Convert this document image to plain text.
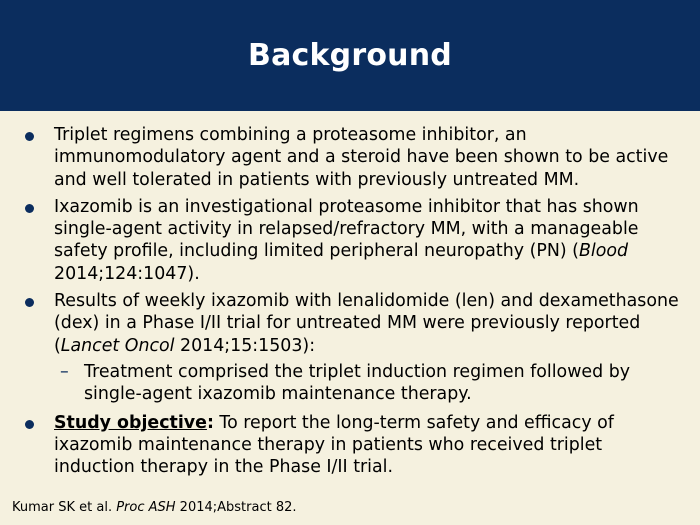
Background
Triplet regimens combining a proteasome inhibitor, an immunomodulatory agent and a steroid have been shown to be active and well tolerated in patients with previously untreated MM.
Ixazomib is an investigational proteasome inhibitor that has shown single-agent activity in relapsed/refractory MM, with a manageable safety profile, including limited peripheral neuropathy (PN) (Blood 2014;124:1047).
Results of weekly ixazomib with lenalidomide (len) and dexamethasone (dex) in a Phase I/II trial for untreated MM were previously reported (Lancet Oncol 2014;15:1503):
– Treatment comprised the triplet induction regimen followed by single-agent ixazomib maintenance therapy.
Study objective: To report the long-term safety and efficacy of ixazomib maintenance therapy in patients who received triplet induction therapy in the Phase I/II trial.
Kumar SK et al. Proc ASH 2014;Abstract 82.
